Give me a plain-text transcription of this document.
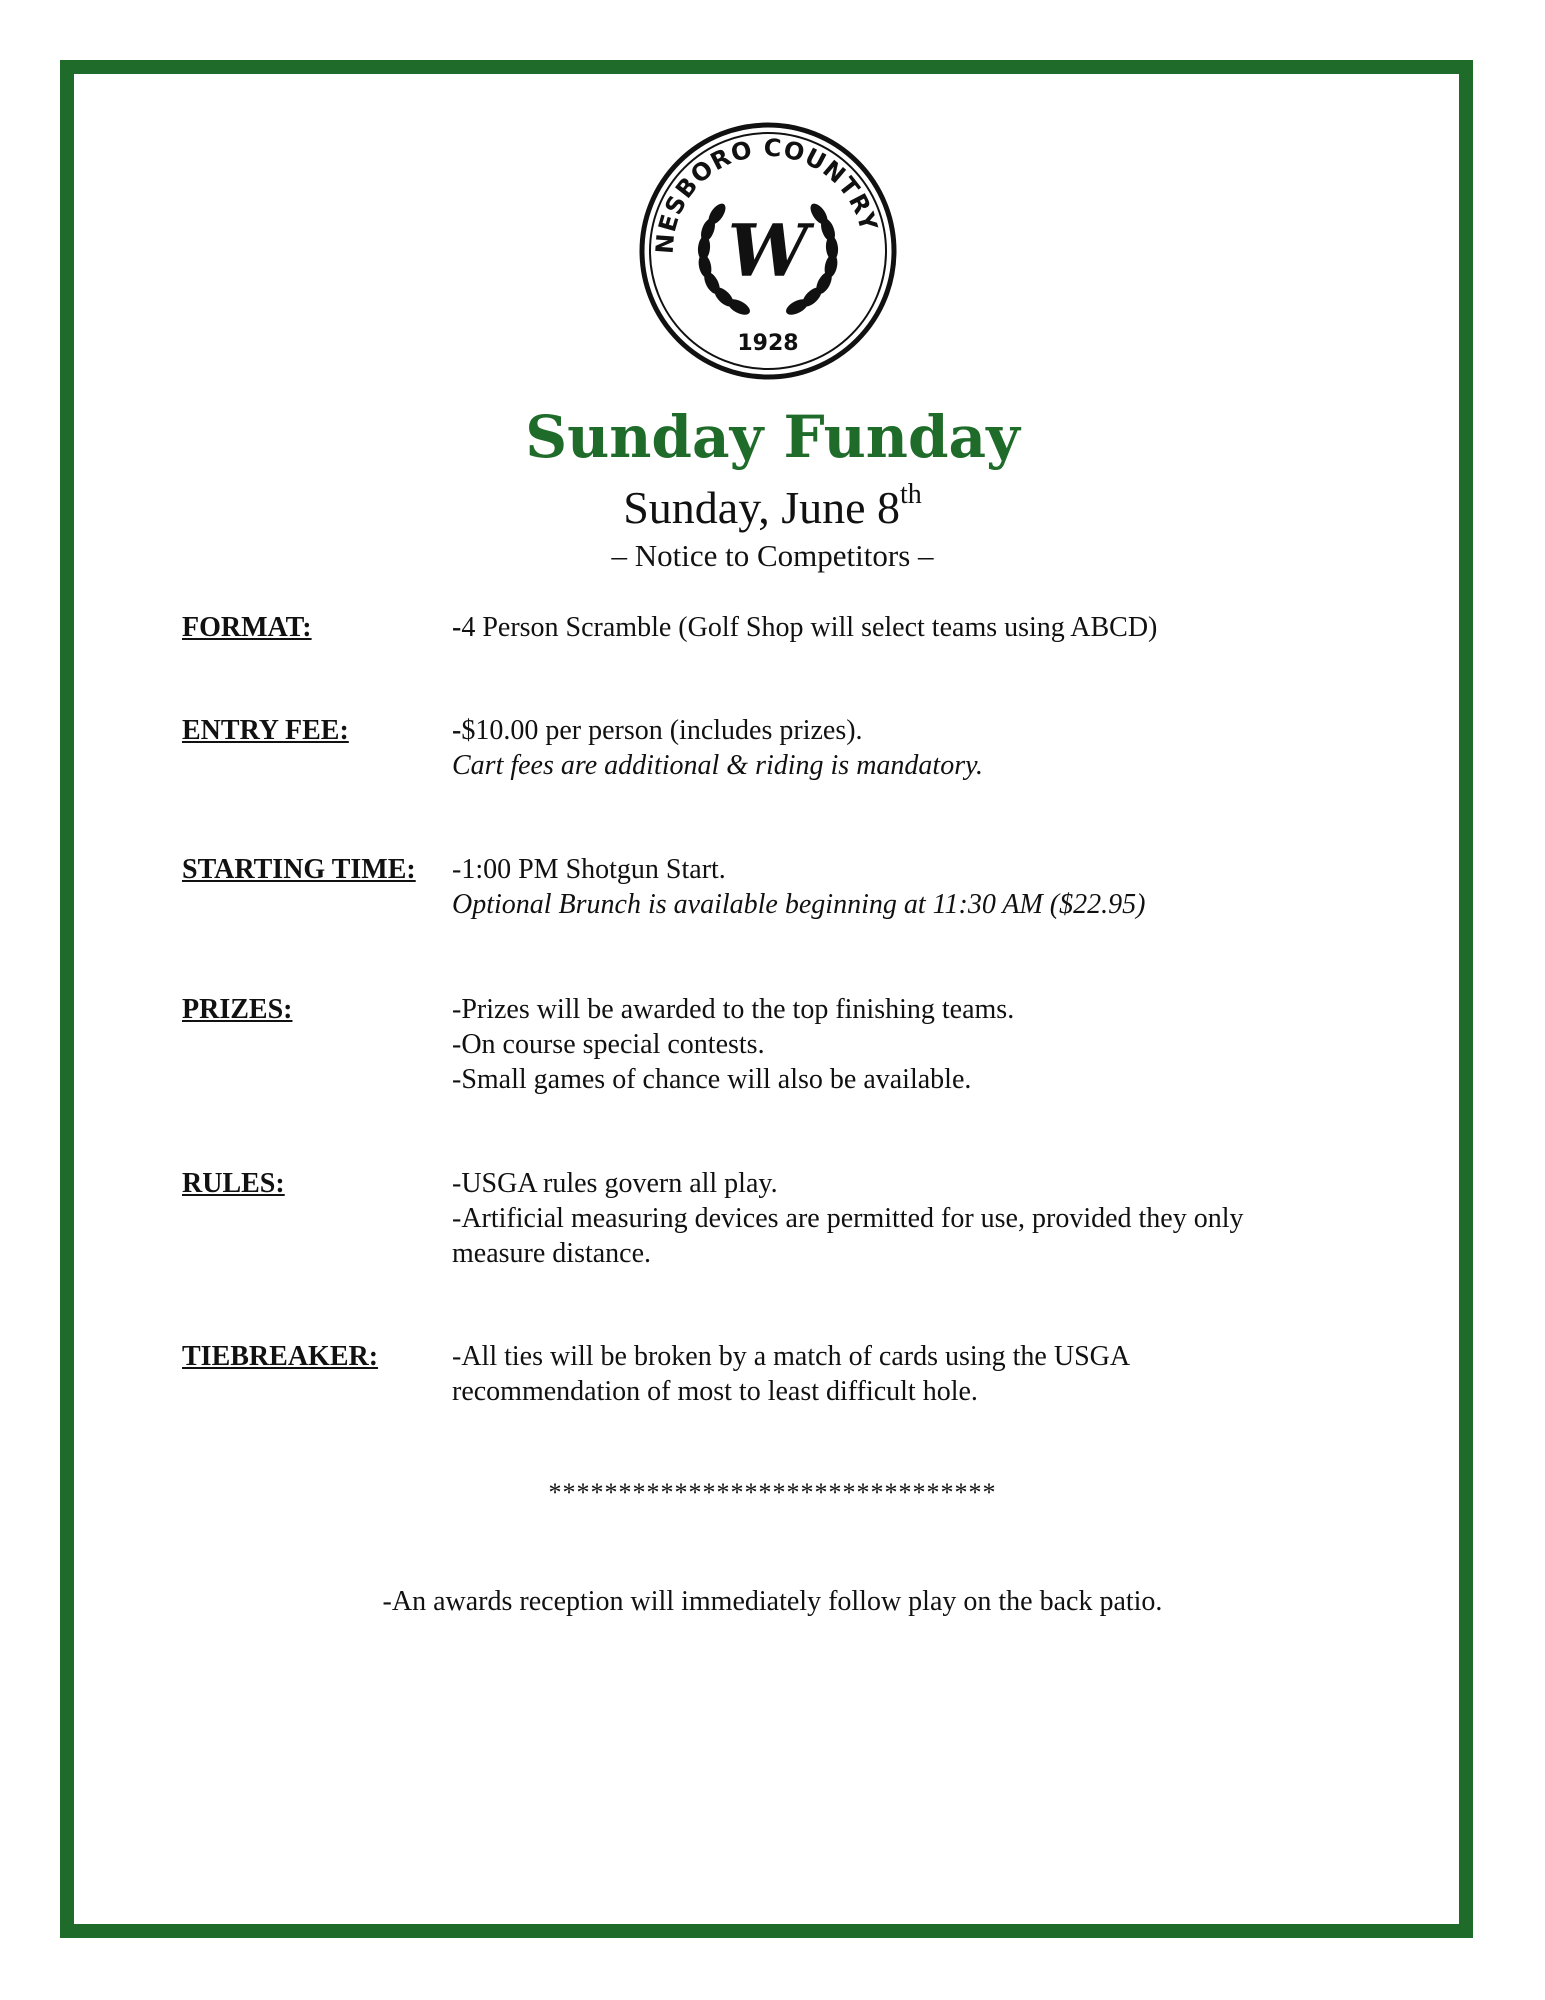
NESBORO COUNTRY
W
1928
Sunday Funday
Sunday, June 8th
– Notice to Competitors –
FORMAT:	-4 Person Scramble (Golf Shop will select teams using ABCD)
ENTRY FEE:	-$10.00 per person (includes prizes).
Cart fees are additional & riding is mandatory.
STARTING TIME: -1:00 PM Shotgun Start.
Optional Brunch is available beginning at 11:30 AM ($22.95)
PRIZES:	-Prizes will be awarded to the top finishing teams.
-On course special contests.
-Small games of chance will also be available.
RULES:	-USGA rules govern all play.
-Artificial measuring devices are permitted for use, provided they only measure distance.
TIEBREAKER:	-All ties will be broken by a match of cards using the USGA recommendation of most to least difficult hole.
********************************
-An awards reception will immediately follow play on the back patio.
